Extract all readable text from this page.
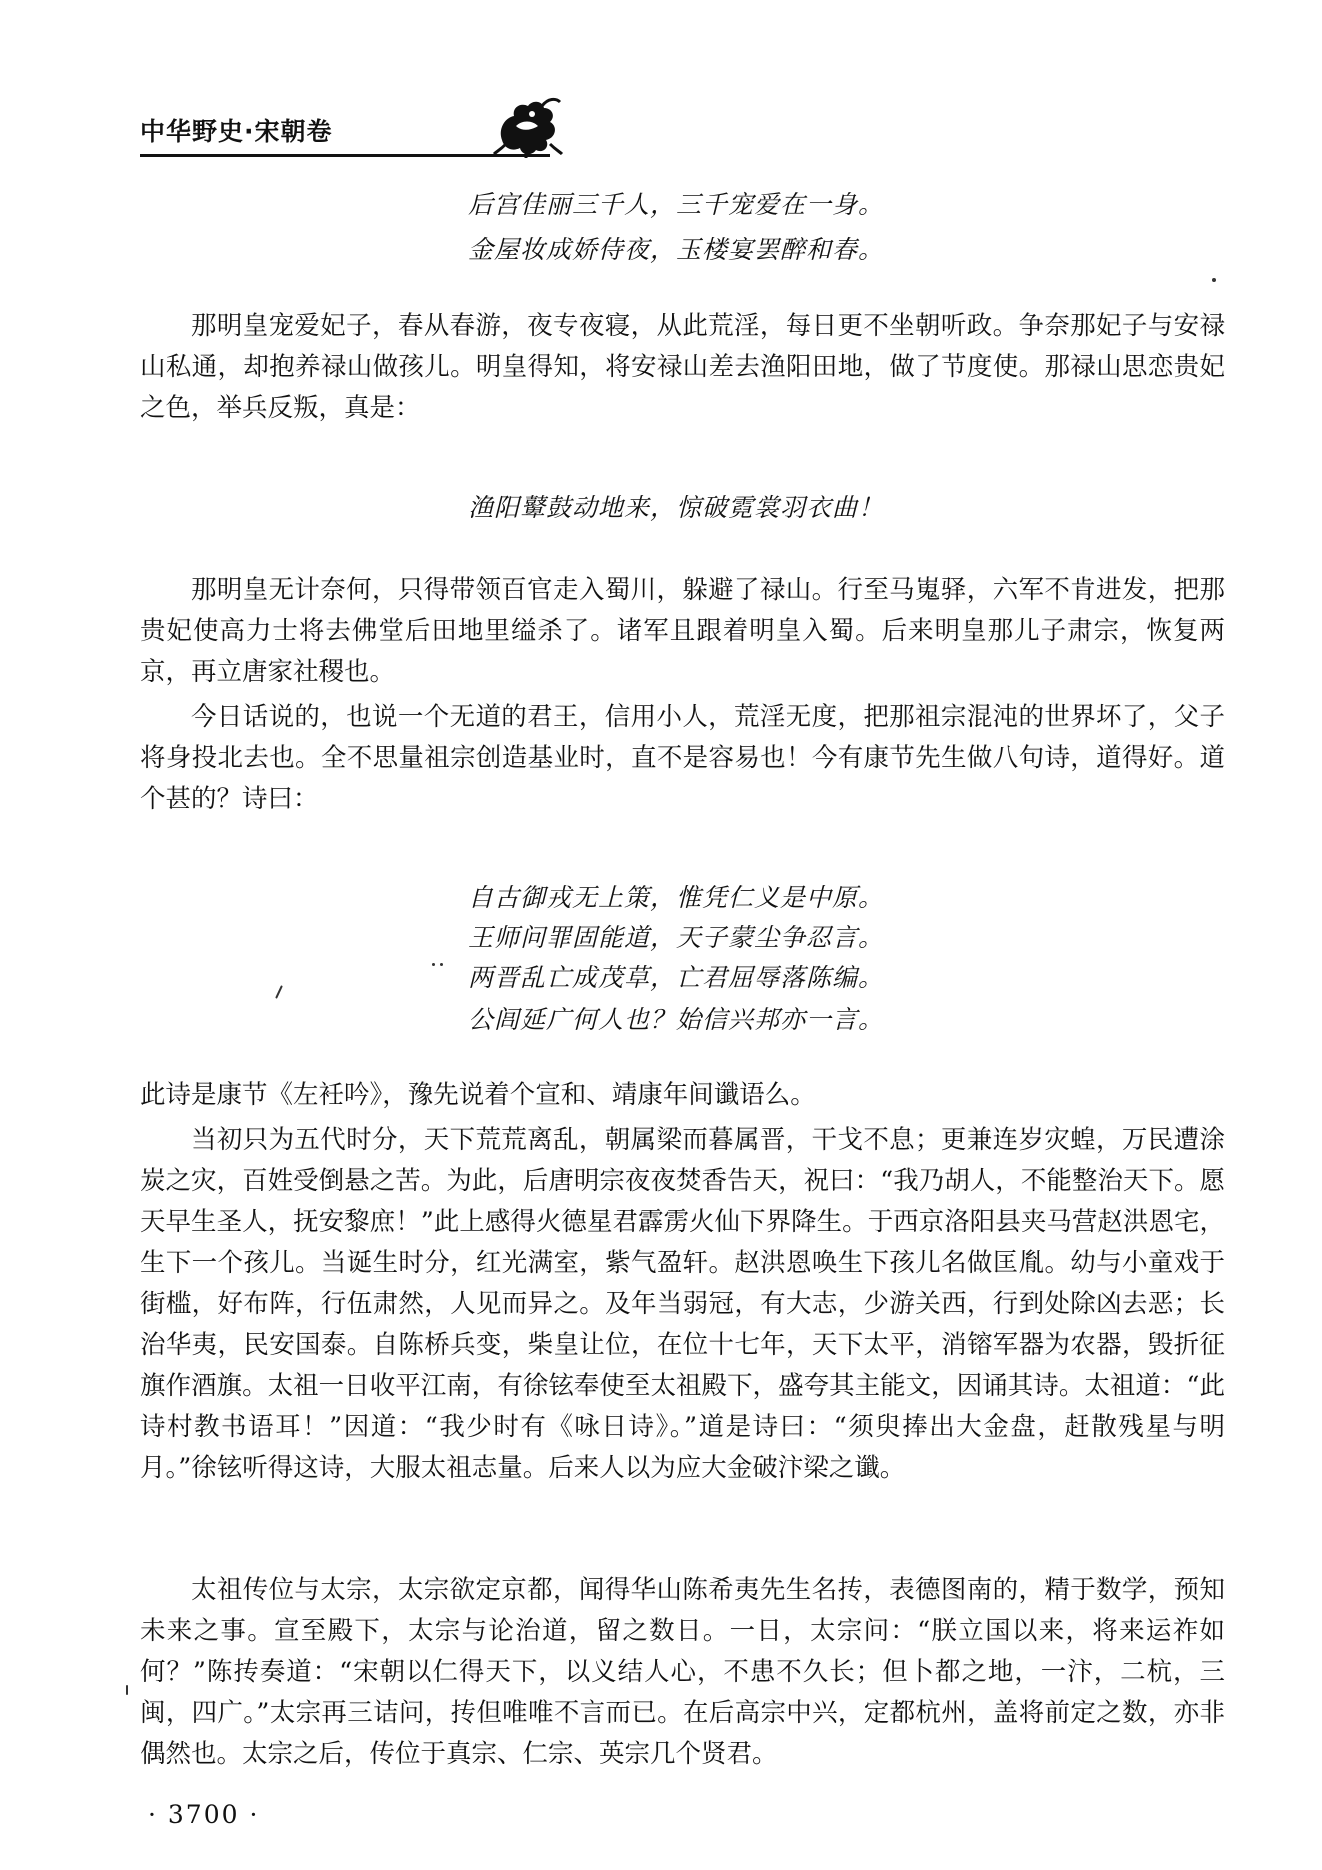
中华野史·宋朝卷
后宫佳丽三千人，三千宠爱在一身。
金屋妆成娇侍夜，玉楼宴罢醉和春。
那明皇宠爱妃子，春从春游，夜专夜寝，从此荒淫，每日更不坐朝听政。争奈那妃子与安禄山私通，却抱养禄山做孩儿。明皇得知，将安禄山差去渔阳田地，做了节度使。那禄山思恋贵妃之色，举兵反叛，真是：
渔阳鼙鼓动地来，惊破霓裳羽衣曲！
那明皇无计奈何，只得带领百官走入蜀川，躲避了禄山。行至马嵬驿，六军不肯进发，把那贵妃使高力士将去佛堂后田地里缢杀了。诸军且跟着明皇入蜀。后来明皇那儿子肃宗，恢复两京，再立唐家社稷也。
今日话说的，也说一个无道的君王，信用小人，荒淫无度，把那祖宗混沌的世界坏了，父子将身投北去也。全不思量祖宗创造基业时，直不是容易也！今有康节先生做八句诗，道得好。道个甚的？诗曰：
自古御戎无上策，惟凭仁义是中原。
王师问罪固能道，天子蒙尘争忍言。
两晋乱亡成茂草，亡君屈辱落陈编。
公闾延广何人也？始信兴邦亦一言。
此诗是康节《左衽吟》，豫先说着个宣和、靖康年间谶语么。
当初只为五代时分，天下荒荒离乱，朝属梁而暮属晋，干戈不息；更兼连岁灾蝗，万民遭涂炭之灾，百姓受倒悬之苦。为此，后唐明宗夜夜焚香告天，祝曰：“我乃胡人，不能整治天下。愿天早生圣人，抚安黎庶！”此上感得火德星君霹雳火仙下界降生。于西京洛阳县夹马营赵洪恩宅，生下一个孩儿。当诞生时分，红光满室，紫气盈轩。赵洪恩唤生下孩儿名做匡胤。幼与小童戏于街槛，好布阵，行伍肃然，人见而异之。及年当弱冠，有大志，少游关西，行到处除凶去恶；长治华夷，民安国泰。自陈桥兵变，柴皇让位，在位十七年，天下太平，消镕军器为农器，毁折征旗作酒旗。太祖一日收平江南，有徐铉奉使至太祖殿下，盛夸其主能文，因诵其诗。太祖道：“此诗村教书语耳！”因道：“我少时有《咏日诗》。”道是诗曰：“须臾捧出大金盘，赶散残星与明月。”徐铉听得这诗，大服太祖志量。后来人以为应大金破汴梁之谶。
太祖传位与太宗，太宗欲定京都，闻得华山陈希夷先生名抟，表德图南的，精于数学，预知未来之事。宣至殿下，太宗与论治道，留之数日。一日，太宗问：“朕立国以来，将来运祚如何？”陈抟奏道：“宋朝以仁得天下，以义结人心，不患不久长；但卜都之地，一汴，二杭，三闽，四广。”太宗再三诘问，抟但唯唯不言而已。在后高宗中兴，定都杭州，盖将前定之数，亦非偶然也。太宗之后，传位于真宗、仁宗、英宗几个贤君。
· 3700 ·
